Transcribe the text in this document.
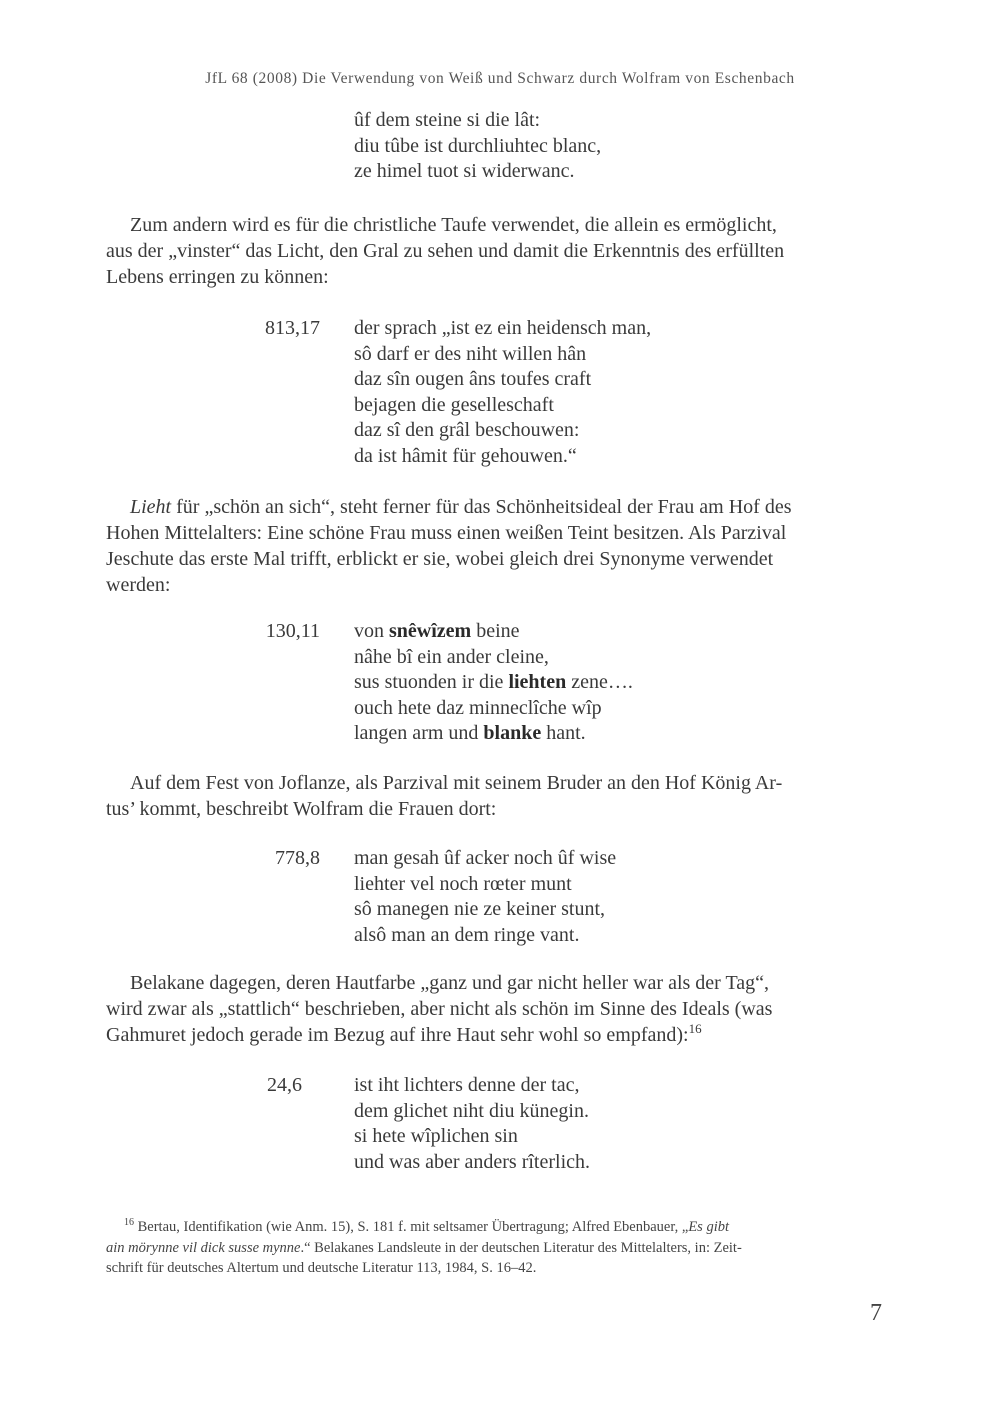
JfL 68 (2008) Die Verwendung von Weiß und Schwarz durch Wolfram von Eschenbach
ûf dem steine si die lât:
diu tûbe ist durchliuhtec blanc,
ze himel tuot si widerwanc.
Zum andern wird es für die christliche Taufe verwendet, die allein es ermöglicht,
aus der „vinster“ das Licht, den Gral zu sehen und damit die Erkenntnis des erfüllten
Lebens erringen zu können:
813,17 der sprach „ist ez ein heidensch man,
sô darf er des niht willen hân
daz sîn ougen âns toufes craft
bejagen die geselleschaft
daz sî den grâl beschouwen:
da ist hâmit für gehouwen.“
Lieht für „schön an sich“, steht ferner für das Schönheitsideal der Frau am Hof des
Hohen Mittelalters: Eine schöne Frau muss einen weißen Teint besitzen. Als Parzival
Jeschute das erste Mal trifft, erblickt er sie, wobei gleich drei Synonyme verwendet
werden:
130,11 von snêwîzem beine
nâhe bî ein ander cleine,
sus stuonden ir die liehten zene….
ouch hete daz minneclîche wîp
langen arm und blanke hant.
Auf dem Fest von Joflanze, als Parzival mit seinem Bruder an den Hof König Ar-
tus’ kommt, beschreibt Wolfram die Frauen dort:
778,8 man gesah ûf acker noch ûf wise
liehter vel noch rœter munt
sô manegen nie ze keiner stunt,
alsô man an dem ringe vant.
Belakane dagegen, deren Hautfarbe „ganz und gar nicht heller war als der Tag“,
wird zwar als „stattlich“ beschrieben, aber nicht als schön im Sinne des Ideals (was
Gahmuret jedoch gerade im Bezug auf ihre Haut sehr wohl so empfand):$^{16}$
24,6	ist iht lichters denne der tac,
dem glichet niht diu künegin.
si hete wîplichen sin
und was aber anders rîterlich.
$^{16}$ Bertau, Identifikation (wie Anm. 15), S. 181 f. mit seltsamer Übertragung; Alfred Ebenbauer, „Es gibt
ain mörynne vil dick susse mynne.“ Belakanes Landsleute in der deutschen Literatur des Mittelalters, in: Zeit-
schrift für deutsches Altertum und deutsche Literatur 113, 1984, S. 16–42.
7
